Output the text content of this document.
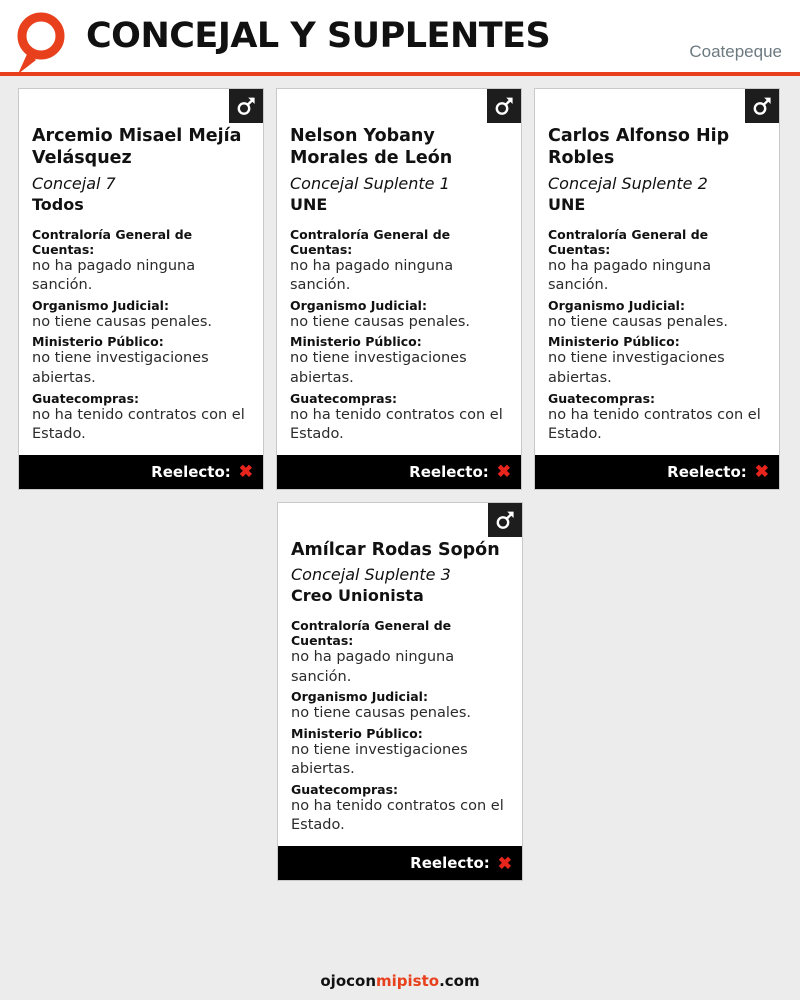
CONCEJAL Y SUPLENTES	Coatepeque
Arcemio Misael Mejía Velásquez
Concejal 7
Todos
Contraloría General de Cuentas:
no ha pagado ninguna sanción.
Organismo Judicial:
no tiene causas penales.
Ministerio Público:
no tiene investigaciones abiertas.
Guatecompras:
no ha tenido contratos con el Estado.
Reelecto: ✖
Nelson Yobany Morales de León
Concejal Suplente 1
UNE
Contraloría General de Cuentas:
no ha pagado ninguna sanción.
Organismo Judicial:
no tiene causas penales.
Ministerio Público:
no tiene investigaciones abiertas.
Guatecompras:
no ha tenido contratos con el Estado.
Reelecto: ✖
Carlos Alfonso Hip Robles
Concejal Suplente 2
UNE
Contraloría General de Cuentas:
no ha pagado ninguna sanción.
Organismo Judicial:
no tiene causas penales.
Ministerio Público:
no tiene investigaciones abiertas.
Guatecompras:
no ha tenido contratos con el Estado.
Reelecto: ✖
Amílcar Rodas Sopón
Concejal Suplente 3
Creo Unionista
Contraloría General de Cuentas:
no ha pagado ninguna sanción.
Organismo Judicial:
no tiene causas penales.
Ministerio Público:
no tiene investigaciones abiertas.
Guatecompras:
no ha tenido contratos con el Estado.
Reelecto: ✖
ojoconmipisto.com
